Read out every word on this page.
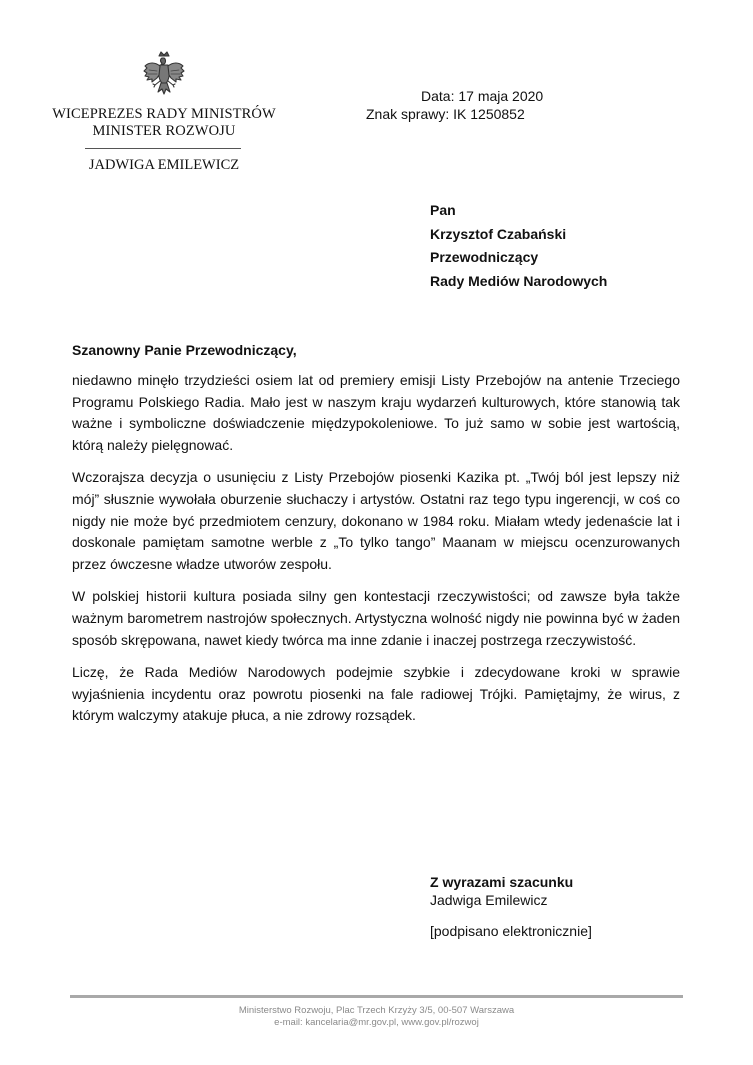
WICEPREZES RADY MINISTRÓW
MINISTER ROZWOJU
JADWIGA EMILEWICZ
Data: 17 maja 2020
Znak sprawy: IK 1250852
Pan
Krzysztof Czabański
Przewodniczący
Rady Mediów Narodowych
Szanowny Panie Przewodniczący,

niedawno minęło trzydzieści osiem lat od premiery emisji Listy Przebojów na antenie Trzeciego Programu Polskiego Radia. Mało jest w naszym kraju wydarzeń kulturowych, które stanowią tak ważne i symboliczne doświadczenie międzypokoleniowe. To już samo w sobie jest wartością, którą należy pielęgnować.

Wczorajsza decyzja o usunięciu z Listy Przebojów piosenki Kazika pt. „Twój ból jest lepszy niż mój” słusznie wywołała oburzenie słuchaczy i artystów. Ostatni raz tego typu ingerencji, w coś co nigdy nie może być przedmiotem cenzury, dokonano w 1984 roku. Miałam wtedy jedenaście lat i doskonale pamiętam samotne werble z „To tylko tango” Maanam w miejscu ocenzurowanych przez ówczesne władze utworów zespołu.

W polskiej historii kultura posiada silny gen kontestacji rzeczywistości; od zawsze była także ważnym barometrem nastrojów społecznych. Artystyczna wolność nigdy nie powinna być w żaden sposób skrępowana, nawet kiedy twórca ma inne zdanie i inaczej postrzega rzeczywistość.

Liczę, że Rada Mediów Narodowych podejmie szybkie i zdecydowane kroki w sprawie wyjaśnienia incydentu oraz powrotu piosenki na fale radiowej Trójki. Pamiętajmy, że wirus, z którym walczymy atakuje płuca, a nie zdrowy rozsądek.

Z wyrazami szacunku
Jadwiga Emilewicz
[podpisano elektronicznie]
Ministerstwo Rozwoju, Plac Trzech Krzyży 3/5, 00-507 Warszawa
e-mail: kancelaria@mr.gov.pl, www.gov.pl/rozwoj
